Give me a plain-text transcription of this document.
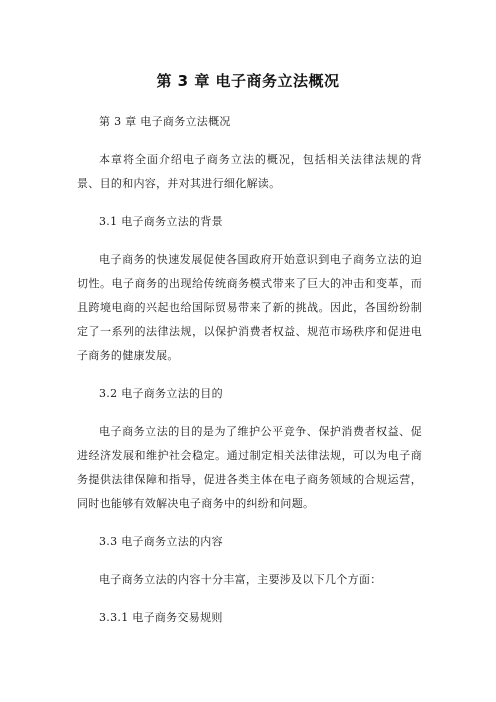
第 3 章 电子商务立法概况

第 3 章 电子商务立法概况

本章将全面介绍电子商务立法的概况，包括相关法律法规的背景、目的和内容，并对其进行细化解读。

3.1 电子商务立法的背景

电子商务的快速发展促使各国政府开始意识到电子商务立法的迫切性。电子商务的出现给传统商务模式带来了巨大的冲击和变革，而且跨境电商的兴起也给国际贸易带来了新的挑战。因此，各国纷纷制定了一系列的法律法规，以保护消费者权益、规范市场秩序和促进电子商务的健康发展。

3.2 电子商务立法的目的

电子商务立法的目的是为了维护公平竞争、保护消费者权益、促进经济发展和维护社会稳定。通过制定相关法律法规，可以为电子商务提供法律保障和指导，促进各类主体在电子商务领域的合规运营，同时也能够有效解决电子商务中的纠纷和问题。

3.3 电子商务立法的内容

电子商务立法的内容十分丰富，主要涉及以下几个方面：

3.3.1 电子商务交易规则
